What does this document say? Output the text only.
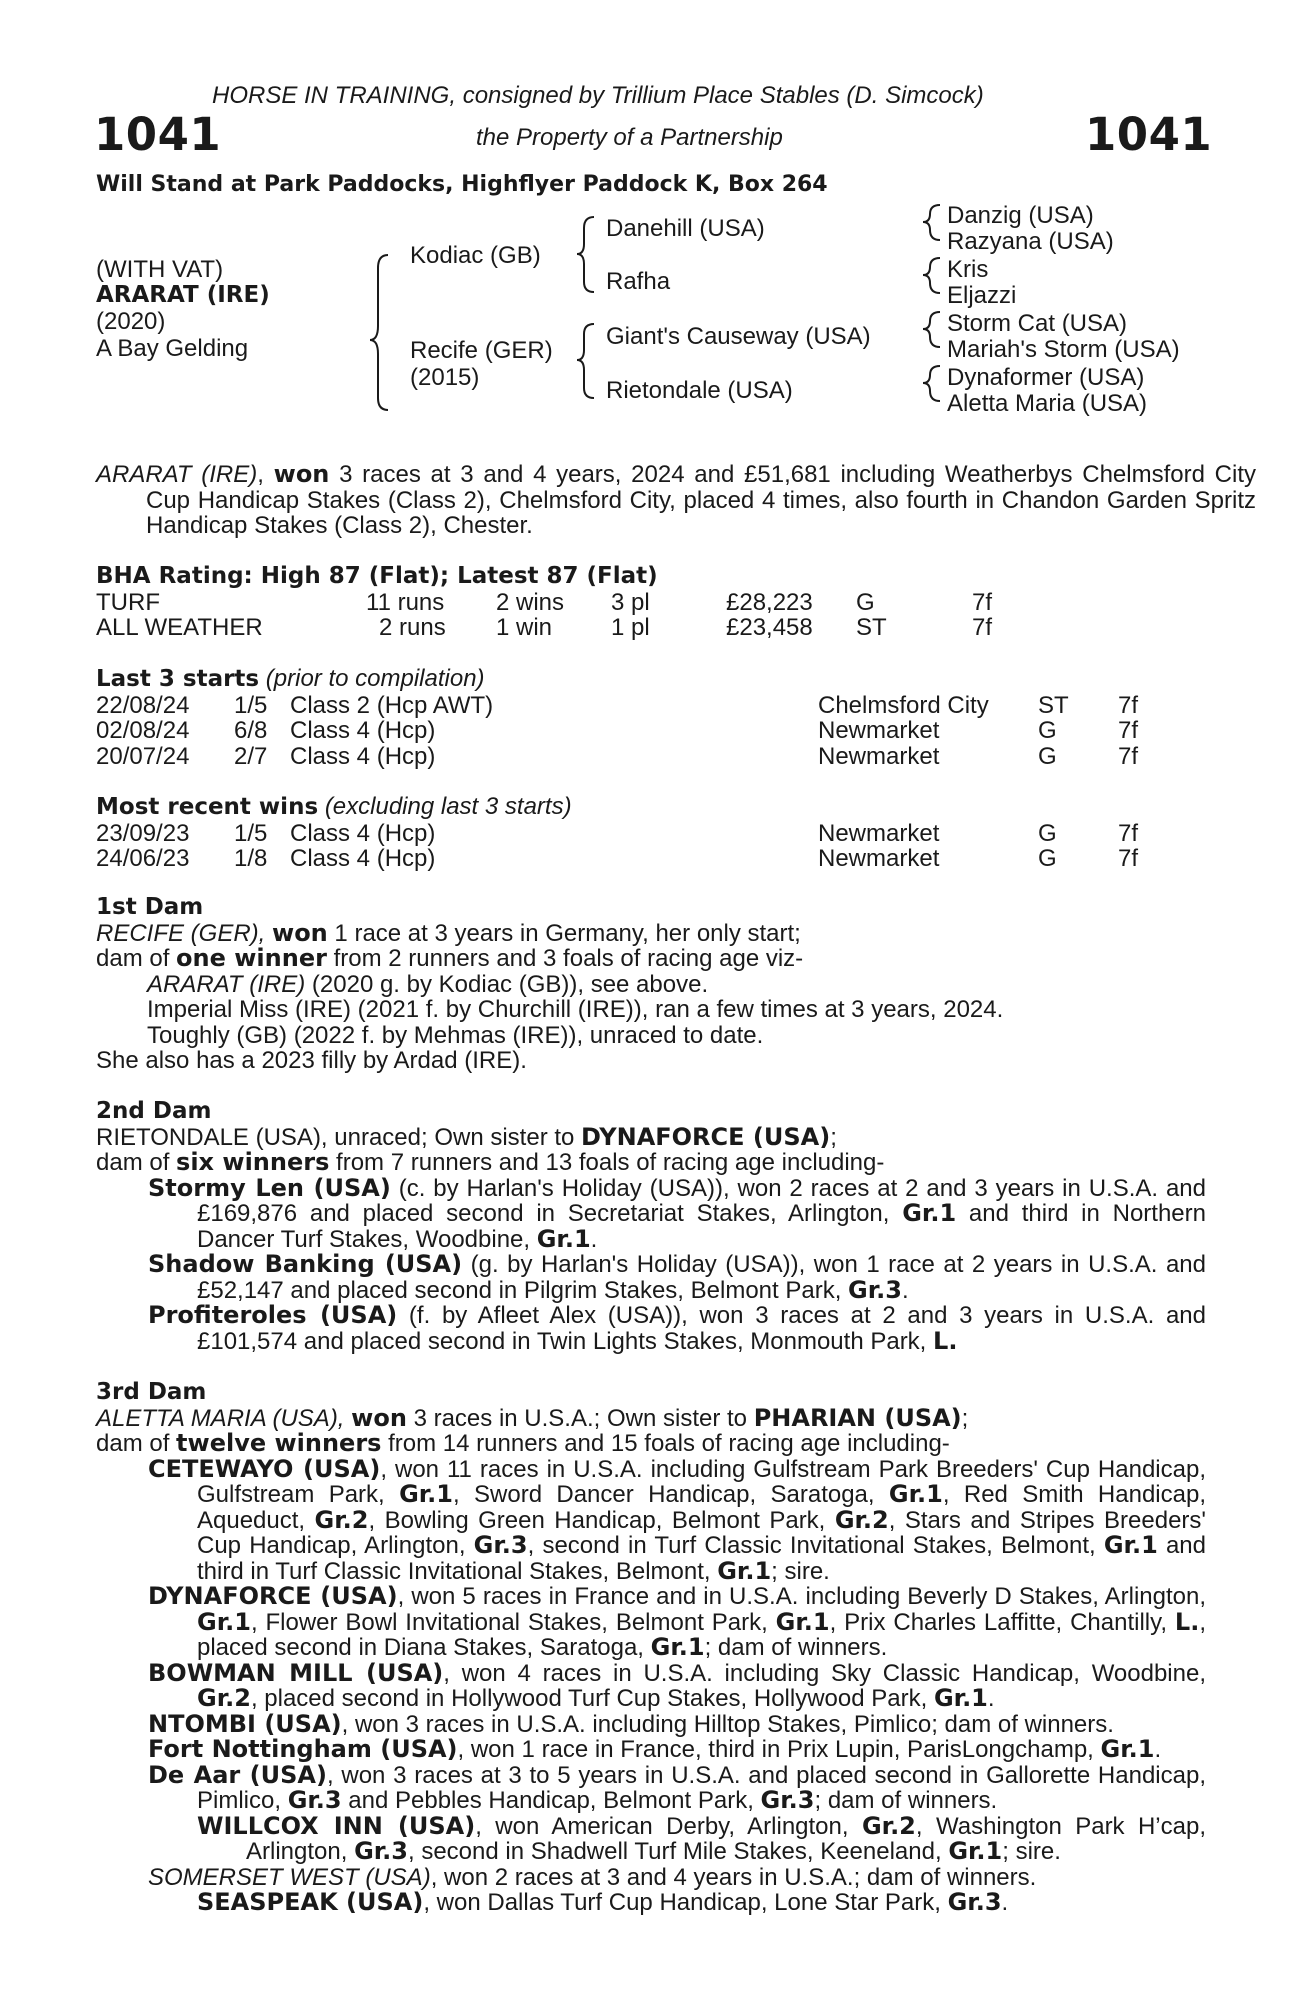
HORSE IN TRAINING, consigned by Trillium Place Stables (D. Simcock)
1041	the Property of a Partnership	1041
Will Stand at Park Paddocks, Highflyer Paddock K, Box 264
(WITH VAT)
ARARAT (IRE)
(2020)
A Bay Gelding
Kodiac (GB)
Recife (GER)
(2015)
Danehill (USA)
Rafha
Giant's Causeway (USA)
Rietondale (USA)
Danzig (USA)
Razyana (USA)
Kris
Eljazzi
Storm Cat (USA)
Mariah's Storm (USA)
Dynaformer (USA)
Aletta Maria (USA)
ARARAT (IRE), won 3 races at 3 and 4 years, 2024 and £51,681 including Weatherbys Chelmsford City Cup Handicap Stakes (Class 2), Chelmsford City, placed 4 times, also fourth in Chandon Garden Spritz Handicap Stakes (Class 2), Chester.
BHA Rating: High 87 (Flat); Latest 87 (Flat)
TURF	11 runs 2 wins 3 pl	£28,223 G	7f
ALL WEATHER	2 runs 1 win 1 pl	£23,458 ST	7f
Last 3 starts (prior to compilation)
22/08/24 1/5 Class 2 (Hcp AWT)	Chelmsford City ST 7f
02/08/24 6/8 Class 4 (Hcp)	Newmarket	G	7f
20/07/24 2/7 Class 4 (Hcp)	Newmarket	G	7f
Most recent wins (excluding last 3 starts)
23/09/23 1/5 Class 4 (Hcp)	Newmarket	G	7f
24/06/23 1/8 Class 4 (Hcp)	Newmarket	G	7f
1st Dam
RECIFE (GER), won 1 race at 3 years in Germany, her only start;
dam of one winner from 2 runners and 3 foals of racing age viz-
ARARAT (IRE) (2020 g. by Kodiac (GB)), see above.
Imperial Miss (IRE) (2021 f. by Churchill (IRE)), ran a few times at 3 years, 2024.
Toughly (GB) (2022 f. by Mehmas (IRE)), unraced to date.
She also has a 2023 filly by Ardad (IRE).
2nd Dam
RIETONDALE (USA), unraced; Own sister to DYNAFORCE (USA);
dam of six winners from 7 runners and 13 foals of racing age including-
Stormy Len (USA) (c. by Harlan's Holiday (USA)), won 2 races at 2 and 3 years in U.S.A. and £169,876 and placed second in Secretariat Stakes, Arlington, Gr.1 and third in Northern Dancer Turf Stakes, Woodbine, Gr.1.
Shadow Banking (USA) (g. by Harlan's Holiday (USA)), won 1 race at 2 years in U.S.A. and £52,147 and placed second in Pilgrim Stakes, Belmont Park, Gr.3.
Profiteroles (USA) (f. by Afleet Alex (USA)), won 3 races at 2 and 3 years in U.S.A. and £101,574 and placed second in Twin Lights Stakes, Monmouth Park, L.
3rd Dam
ALETTA MARIA (USA), won 3 races in U.S.A.; Own sister to PHARIAN (USA);
dam of twelve winners from 14 runners and 15 foals of racing age including-
CETEWAYO (USA), won 11 races in U.S.A. including Gulfstream Park Breeders' Cup Handicap, Gulfstream Park, Gr.1, Sword Dancer Handicap, Saratoga, Gr.1, Red Smith Handicap, Aqueduct, Gr.2, Bowling Green Handicap, Belmont Park, Gr.2, Stars and Stripes Breeders' Cup Handicap, Arlington, Gr.3, second in Turf Classic Invitational Stakes, Belmont, Gr.1 and third in Turf Classic Invitational Stakes, Belmont, Gr.1; sire.
DYNAFORCE (USA), won 5 races in France and in U.S.A. including Beverly D Stakes, Arlington, Gr.1, Flower Bowl Invitational Stakes, Belmont Park, Gr.1, Prix Charles Laffitte, Chantilly, L., placed second in Diana Stakes, Saratoga, Gr.1; dam of winners.
BOWMAN MILL (USA), won 4 races in U.S.A. including Sky Classic Handicap, Woodbine, Gr.2, placed second in Hollywood Turf Cup Stakes, Hollywood Park, Gr.1.
NTOMBI (USA), won 3 races in U.S.A. including Hilltop Stakes, Pimlico; dam of winners.
Fort Nottingham (USA), won 1 race in France, third in Prix Lupin, ParisLongchamp, Gr.1.
De Aar (USA), won 3 races at 3 to 5 years in U.S.A. and placed second in Gallorette Handicap, Pimlico, Gr.3 and Pebbles Handicap, Belmont Park, Gr.3; dam of winners.
WILLCOX INN (USA), won American Derby, Arlington, Gr.2, Washington Park H’cap, Arlington, Gr.3, second in Shadwell Turf Mile Stakes, Keeneland, Gr.1; sire.
SOMERSET WEST (USA), won 2 races at 3 and 4 years in U.S.A.; dam of winners.
SEASPEAK (USA), won Dallas Turf Cup Handicap, Lone Star Park, Gr.3.
